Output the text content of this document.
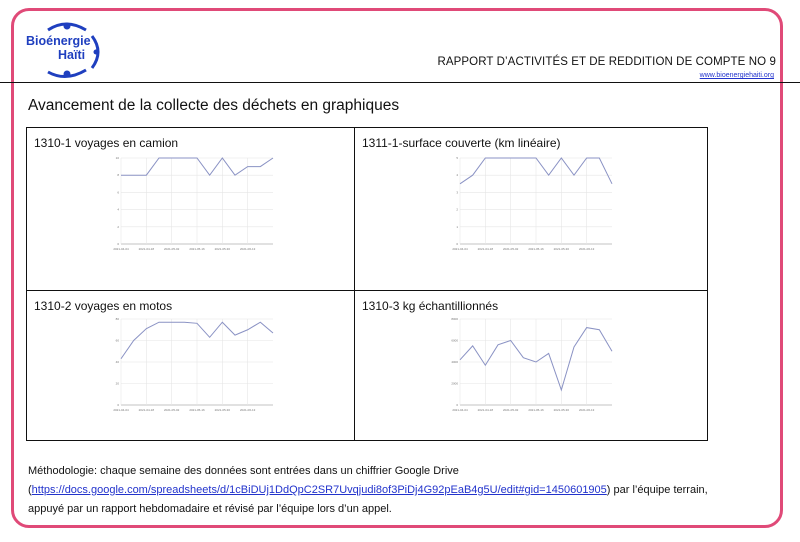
Bioénergie
Haïti	RAPPORT D’ACTIVITÉS ET DE REDDITION DE COMPTE NO 9
www.bioenergiehaiti.org
Avancement de la collecte des déchets en graphiques
1310-1 voyages en camion
0
2
4
6
8
10
2021-04-04	2021-04-18	2021-05-02	2021-05-16	2021-05-30	2021-06-13
1311-1-surface couverte (km linéaire)
0
1
2
3
4
5
2021-04-04	2021-04-18	2021-05-02	2021-05-16	2021-05-30	2021-06-13
1310-2 voyages en motos
0
20
40
60
80
2021-04-04	2021-04-18	2021-05-02	2021-05-16	2021-05-30	2021-06-13
1310-3 kg échantillionnés
0
2000
4000
6000
8000
2021-04-04	2021-04-18	2021-05-02	2021-05-16	2021-05-30	2021-06-13
Méthodologie: chaque semaine des données sont entrées dans un chiffrier Google Drive
(https://docs.google.com/spreadsheets/d/1cBiDUj1DdQpC2SR7Uvqjudi8of3PiDj4G92pEaB4g5U/edit#gid=1450601905) par l’équipe terrain,
appuyé par un rapport hebdomadaire et révisé par l’équipe lors d’un appel.
